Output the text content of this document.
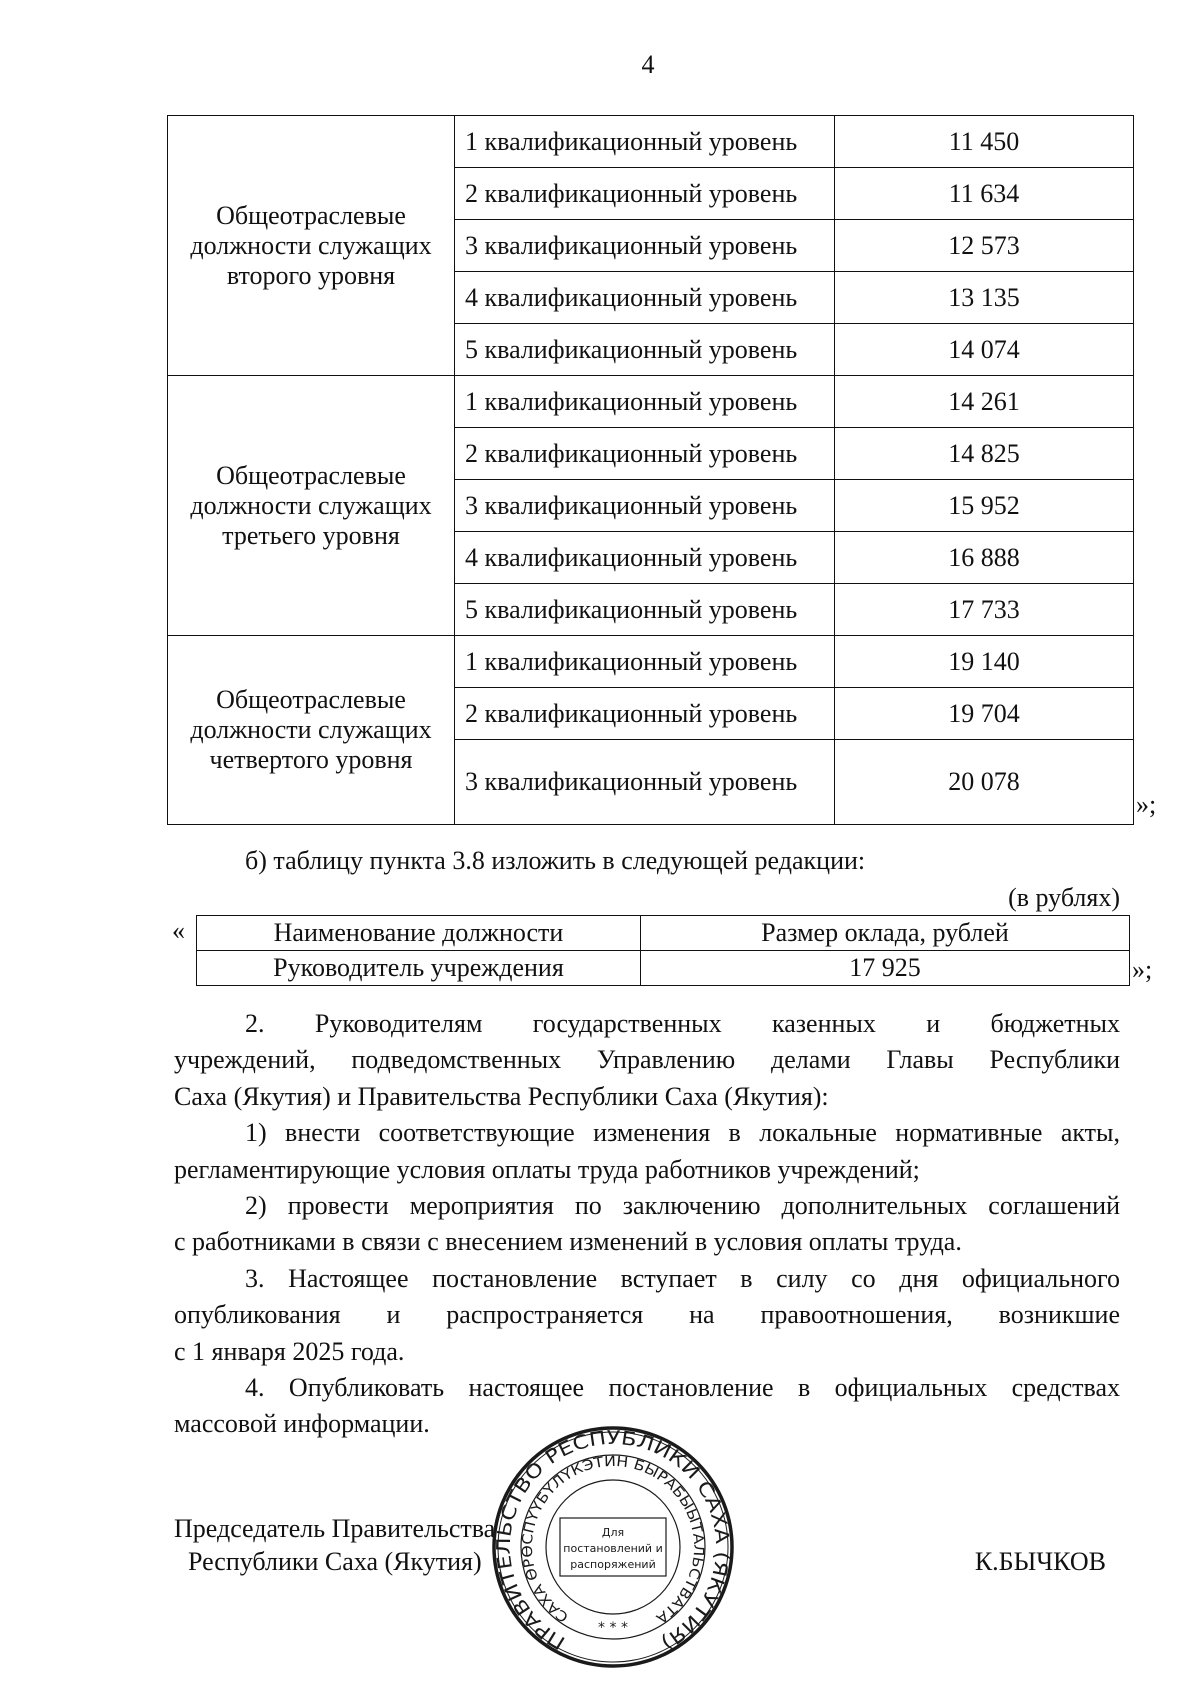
4
Общеотраслевые должности служащих второго уровня	1 квалификационный уровень	11 450
	2 квалификационный уровень	11 634
	3 квалификационный уровень	12 573
	4 квалификационный уровень	13 135
	5 квалификационный уровень	14 074
Общеотраслевые должности служащих третьего уровня	1 квалификационный уровень	14 261
	2 квалификационный уровень	14 825
	3 квалификационный уровень	15 952
	4 квалификационный уровень	16 888
	5 квалификационный уровень	17 733
Общеотраслевые должности служащих четвертого уровня	1 квалификационный уровень	19 140
	2 квалификационный уровень	19 704
	3 квалификационный уровень	20 078
»;
б) таблицу пункта 3.8 изложить в следующей редакции:
(в рублях)
«	Наименование должности	Размер оклада, рублей
Руководитель учреждения	17 925	»;
2. Руководителям государственных казенных и бюджетных
учреждений, подведомственных Управлению делами Главы Республики
Саха (Якутия) и Правительства Республики Саха (Якутия):
1) внести соответствующие изменения в локальные нормативные акты,
регламентирующие условия оплаты труда работников учреждений;
2) провести мероприятия по заключению дополнительных соглашений
с работниками в связи с внесением изменений в условия оплаты труда.
3. Настоящее постановление вступает в силу со дня официального
опубликования и распространяется на правоотношения, возникшие
с 1 января 2025 года.
4. Опубликовать настоящее постановление в официальных средствах
массовой информации.
Председатель Правительства
Республики Саха (Якутия)	К.БЫЧКОВ
ПРАВИТЕЛЬСТВО РЕСПУБЛИКИ САХА (ЯКУТИЯ)
САХА ӨРӨСПҮҮБҮЛҮКЭТИН БЫРАБЫЫТАЛЬСТВАТА
* * *
Для
постановлений и
распоряжений
